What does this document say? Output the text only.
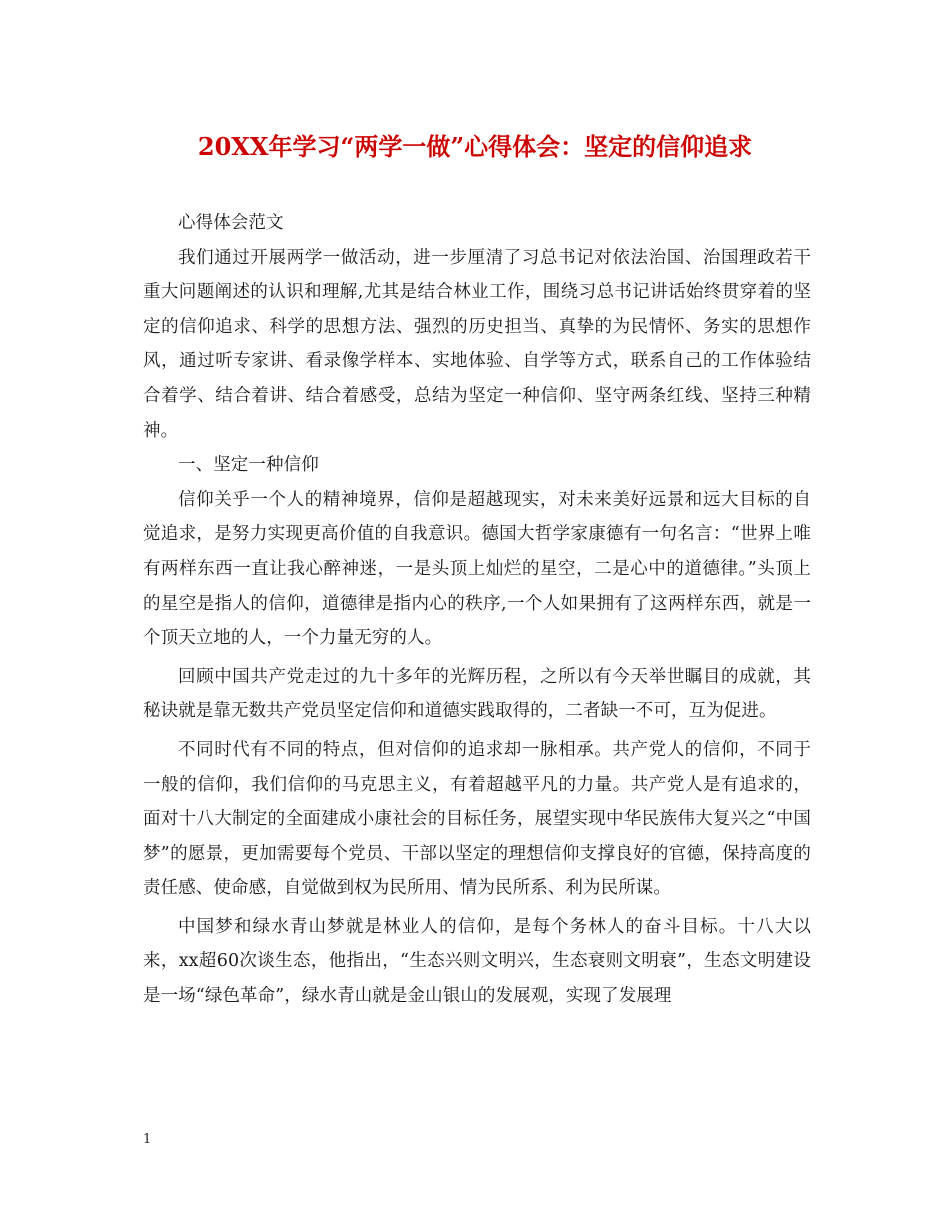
20XX年学习“两学一做”心得体会：坚定的信仰追求

心得体会范文

我们通过开展两学一做活动，进一步厘清了习总书记对依法治国、治国理政若干重大问题阐述的认识和理解,尤其是结合林业工作，围绕习总书记讲话始终贯穿着的坚定的信仰追求、科学的思想方法、强烈的历史担当、真挚的为民情怀、务实的思想作风，通过听专家讲、看录像学样本、实地体验、自学等方式，联系自己的工作体验结合着学、结合着讲、结合着感受，总结为坚定一种信仰、坚守两条红线、坚持三种精神。

一、坚定一种信仰

信仰关乎一个人的精神境界，信仰是超越现实，对未来美好远景和远大目标的自觉追求，是努力实现更高价值的自我意识。德国大哲学家康德有一句名言：“世界上唯有两样东西一直让我心醉神迷，一是头顶上灿烂的星空，二是心中的道德律。”头顶上的星空是指人的信仰，道德律是指内心的秩序,一个人如果拥有了这两样东西，就是一个顶天立地的人，一个力量无穷的人。

回顾中国共产党走过的九十多年的光辉历程，之所以有今天举世瞩目的成就，其秘诀就是靠无数共产党员坚定信仰和道德实践取得的，二者缺一不可，互为促进。

不同时代有不同的特点，但对信仰的追求却一脉相承。共产党人的信仰，不同于一般的信仰，我们信仰的马克思主义，有着超越平凡的力量。共产党人是有追求的，面对十八大制定的全面建成小康社会的目标任务，展望实现中华民族伟大复兴之“中国梦”的愿景，更加需要每个党员、干部以坚定的理想信仰支撑良好的官德，保持高度的责任感、使命感，自觉做到权为民所用、情为民所系、利为民所谋。

中国梦和绿水青山梦就是林业人的信仰，是每个务林人的奋斗目标。十八大以来，xx超60次谈生态，他指出，“生态兴则文明兴，生态衰则文明衰”，生态文明建设是一场“绿色革命”，绿水青山就是金山银山的发展观，实现了发展理

1
